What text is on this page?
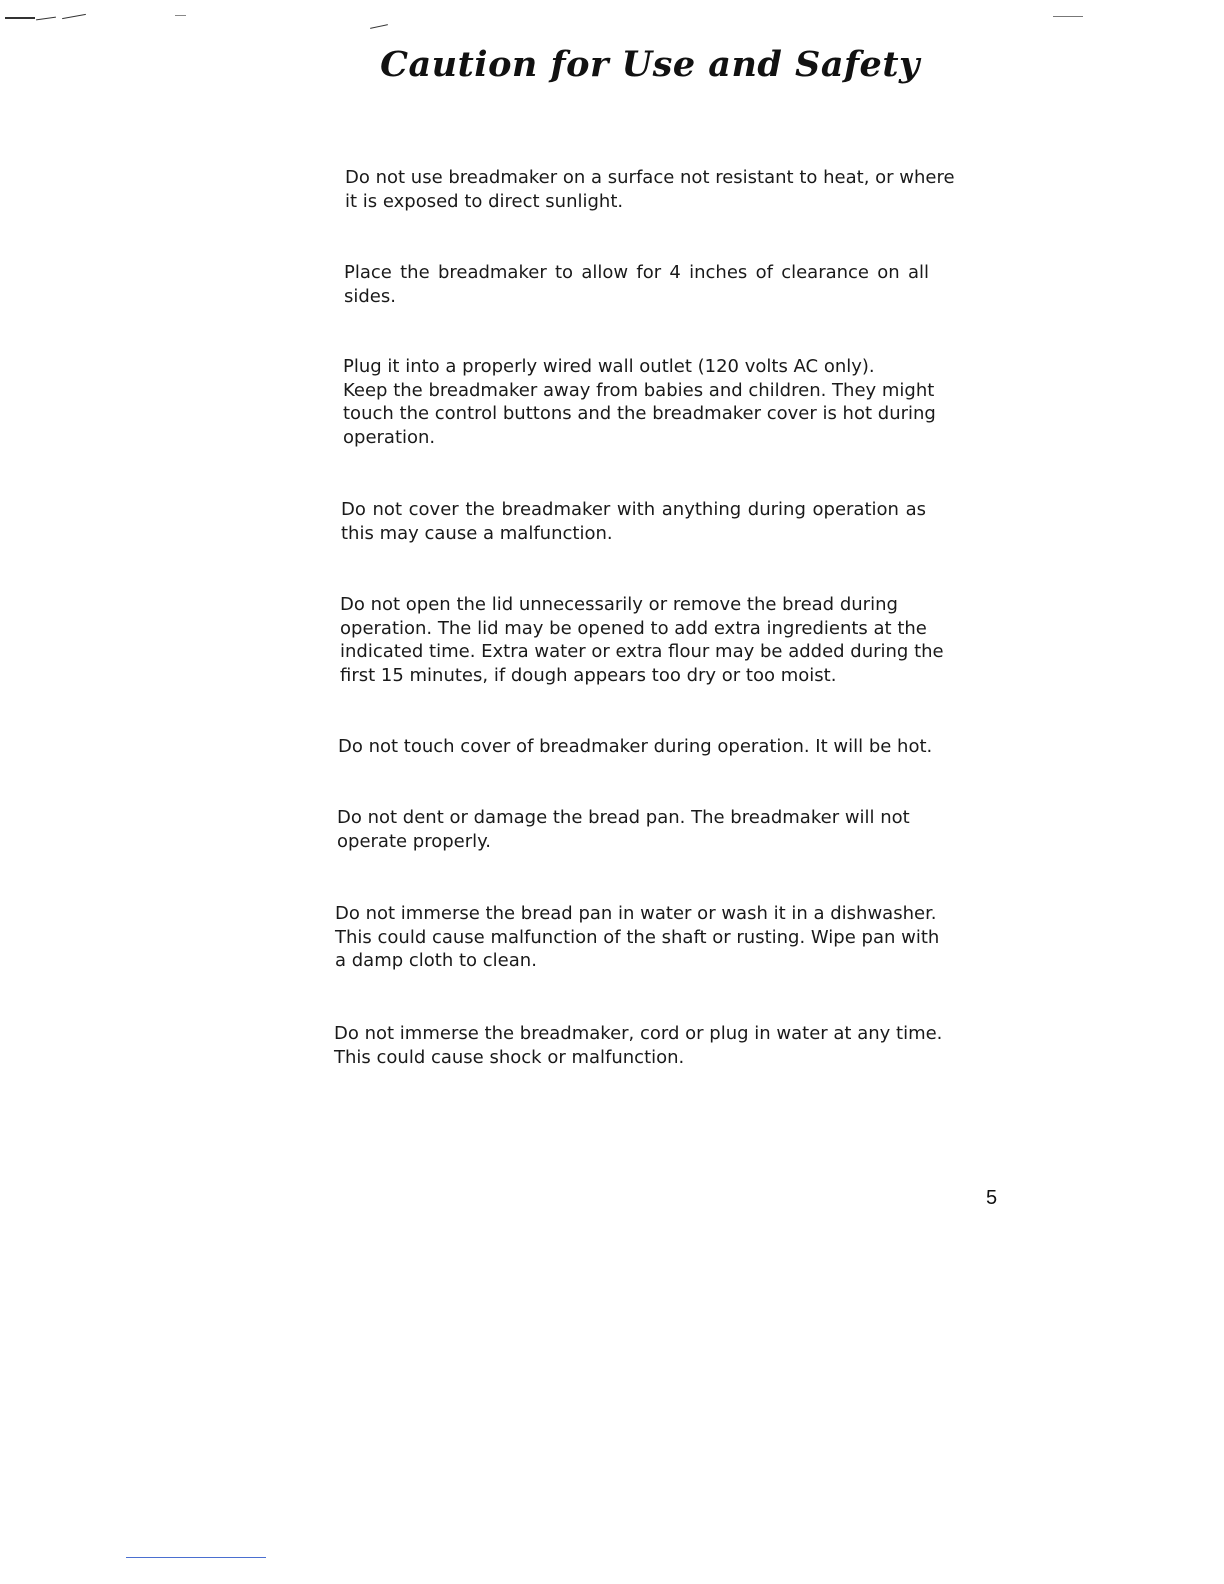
Caution for Use and Safety
Do not use breadmaker on a surface not resistant to heat, or where
it is exposed to direct sunlight.
Place the breadmaker to allow for 4 inches of clearance on all
sides.
Plug it into a properly wired wall outlet (120 volts AC only).
Keep the breadmaker away from babies and children. They might
touch the control buttons and the breadmaker cover is hot during
operation.
Do not cover the breadmaker with anything during operation as
this may cause a malfunction.
Do not open the lid unnecessarily or remove the bread during
operation. The lid may be opened to add extra ingredients at the
indicated time. Extra water or extra flour may be added during the
first 15 minutes, if dough appears too dry or too moist.
Do not touch cover of breadmaker during operation. It will be hot.
Do not dent or damage the bread pan. The breadmaker will not
operate properly.
Do not immerse the bread pan in water or wash it in a dishwasher.
This could cause malfunction of the shaft or rusting. Wipe pan with
a damp cloth to clean.
Do not immerse the breadmaker, cord or plug in water at any time.
This could cause shock or malfunction.
5
